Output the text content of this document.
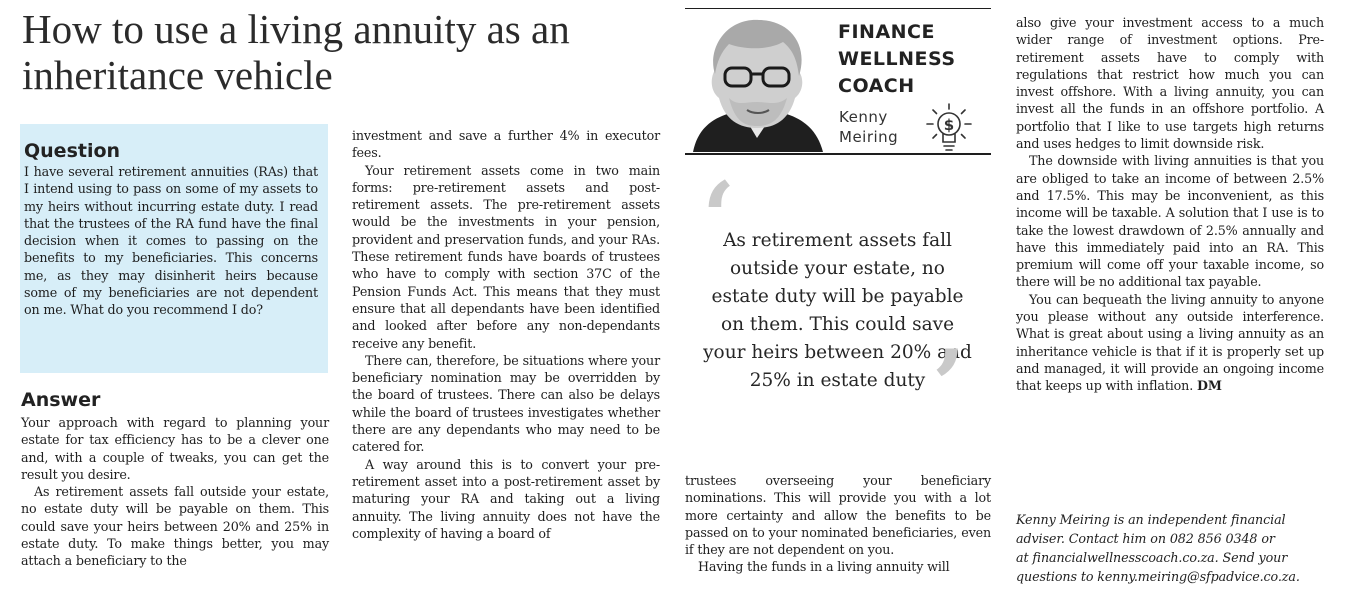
How to use a living annuity as an inheritance vehicle

Question

I have several retirement annuities (RAs) that I intend using to pass on some of my assets to my heirs without incurring estate duty. I read that the trustees of the RA fund have the final decision when it comes to passing on the benefits to my beneficiaries. This concerns me, as they may disinherit heirs because some of my beneficiaries are not dependent on me. What do you recommend I do?

Answer

Your approach with regard to planning your estate for tax efficiency has to be a clever one and, with a couple of tweaks, you can get the result you desire.

As retirement assets fall outside your estate, no estate duty will be payable on them. This could save your heirs between 20% and 25% in estate duty. To make things better, you may attach a beneficiary to the

investment and save a further 4% in executor fees.

Your retirement assets come in two main forms: pre-retirement assets and post-retirement assets. The pre-retirement assets would be the investments in your pension, provident and preservation funds, and your RAs. These retirement funds have boards of trustees who have to comply with section 37C of the Pension Funds Act. This means that they must ensure that all dependants have been identified and looked after before any non-dependants receive any benefit.

There can, therefore, be situations where your beneficiary nomination may be overridden by the board of trustees. There can also be delays while the board of trustees investigates whether there are any dependants who may need to be catered for.

A way around this is to convert your pre-retirement asset into a post-retirement asset by maturing your RA and taking out a living annuity. The living annuity does not have the complexity of having a board of

FINANCE
WELLNESS
COACH
Kenny
Meiring
$
‘

As retirement assets fall outside your estate, no estate duty will be payable on them. This could save your heirs between 20% and 25% in estate duty ’

trustees overseeing your beneficiary nominations. This will provide you with a lot more certainty and allow the benefits to be passed on to your nominated beneficiaries, even if they are not dependent on you.

Having the funds in a living annuity will

also give your investment access to a much wider range of investment options. Pre-retirement assets have to comply with regulations that restrict how much you can invest offshore. With a living annuity, you can invest all the funds in an offshore portfolio. A portfolio that I like to use targets high returns and uses hedges to limit downside risk.

The downside with living annuities is that you are obliged to take an income of between 2.5% and 17.5%. This may be inconvenient, as this income will be taxable. A solution that I use is to take the lowest drawdown of 2.5% annually and have this immediately paid into an RA. This premium will come off your taxable income, so there will be no additional tax payable.

You can bequeath the living annuity to anyone you please without any outside interference. What is great about using a living annuity as an inheritance vehicle is that if it is properly set up and managed, it will provide an ongoing income that keeps up with inflation. DM

Kenny Meiring is an independent financial
adviser. Contact him on 082 856 0348 or
at financialwellnesscoach.co.za. Send your
questions to kenny.meiring@sfpadvice.co.za.
